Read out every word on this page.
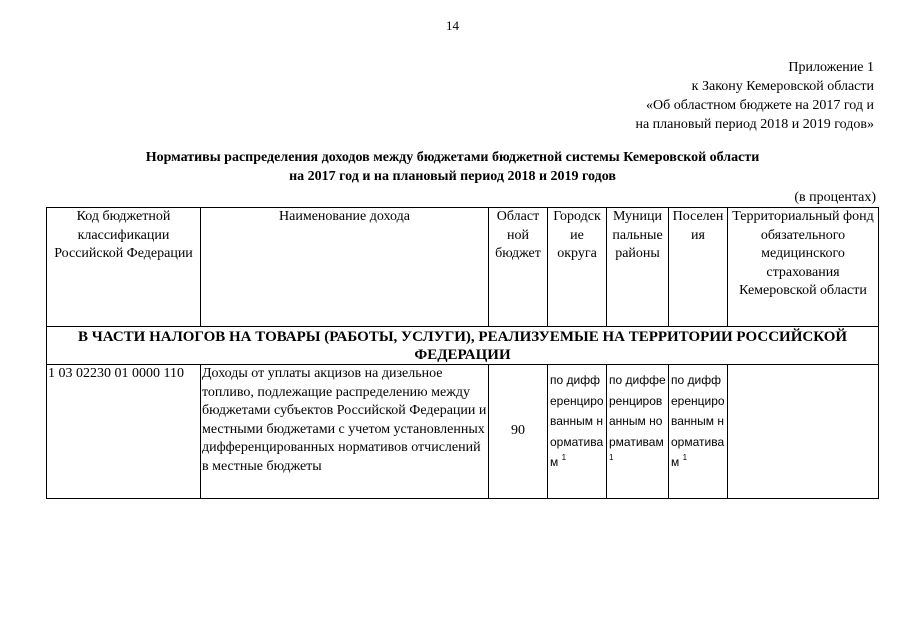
14
Приложение 1
к Закону Кемеровской области
«Об областном бюджете на 2017 год и
на плановый период 2018 и 2019 годов»
Нормативы распределения доходов между бюджетами бюджетной системы Кемеровской области
на 2017 год и на плановый период 2018 и 2019 годов
(в процентах)
Код бюджетной классификации Российской Федерации	Наименование дохода	Област ной бюджет	Городск ие округа	Муници пальные районы	Поселен ия	Территориальный фонд обязательного медицинского страхования Кемеровской области
В ЧАСТИ НАЛОГОВ НА ТОВАРЫ (РАБОТЫ, УСЛУГИ), РЕАЛИЗУЕМЫЕ НА ТЕРРИТОРИИ РОССИЙСКОЙ ФЕДЕРАЦИИ						
1 03 02230 01 0000 110	Доходы от уплаты акцизов на дизельное топливо, подлежащие распределению между бюджетами субъектов Российской Федерации и местными бюджетами с учетом установленных дифференцированных нормативов отчислений в местные бюджеты	90	по дифференцированным нормативам $^1$	по дифференцированным нормативам $^1$	по дифференцированным нормативам $^1$	
